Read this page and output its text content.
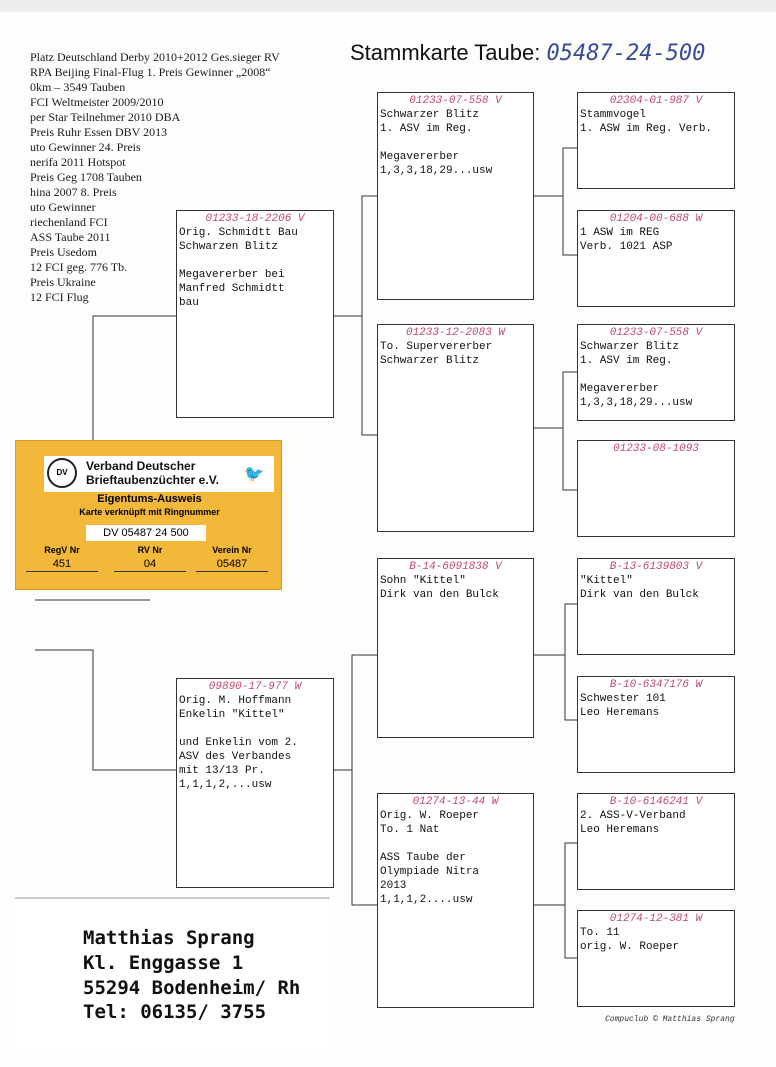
Platz Deutschland Derby 2010+2012 Ges.sieger RV
RPA Beijing Final-Flug 1. Preis Gewinner „2008“
0km – 3549 Tauben
FCI Weltmeister 2009/2010
per Star Teilnehmer 2010 DBA
Preis Ruhr Essen DBV 2013
uto Gewinner 24. Preis
nerifa 2011 Hotspot
Preis Geg 1708 Tauben
hina 2007 8. Preis
uto Gewinner
riechenland FCI
ASS Taube 2011
Preis Usedom
12 FCI geg. 776 Tb.
Preis Ukraine
12 FCI Flug
Stammkarte Taube: 05487-24-500
01233-18-2206 V
Orig. Schmidtt Bau
Schwarzen Blitz

Megavererber bei
Manfred Schmidtt
bau
09890-17-977 W
Orig. M. Hoffmann
Enkelin "Kittel"

und Enkelin vom 2.
ASV des Verbandes
mit 13/13 Pr.
1,1,1,2,...usw
01233-07-558 V
Schwarzer Blitz
1. ASV im Reg.

Megavererber
1,3,3,18,29...usw
01233-12-2083 W
To. Supervererber
Schwarzer Blitz
B-14-6091838 V
Sohn "Kittel"
Dirk van den Bulck
01274-13-44 W
Orig. W. Roeper
To. 1 Nat

ASS Taube der
Olympiade Nitra
2013
1,1,1,2....usw
02304-01-987 V
Stammvogel
1. ASW im Reg. Verb.
01204-00-688 W
1 ASW im REG
Verb. 1021 ASP
01233-07-558 V
Schwarzer Blitz
1. ASV im Reg.

Megavererber
1,3,3,18,29...usw
01233-08-1093
B-13-6139803 V
"Kittel"
Dirk van den Bulck
B-10-6347176 W
Schwester 101
Leo Heremans
B-10-6146241 V
2. ASS-V-Verband
Leo Heremans
01274-12-381 W
To. 11
orig. W. Roeper
DV	Verband Deutscher
Brieftaubenzüchter e.V. 🐦
Eigentums-Ausweis
Karte verknüpft mit Ringnummer
DV 05487 24 500
RegV Nr
451
RV Nr
04
Verein Nr
05487
Matthias Sprang
Kl. Enggasse 1
55294 Bodenheim/ Rh
Tel: 06135/ 3755	Compuclub © Matthias Sprang
